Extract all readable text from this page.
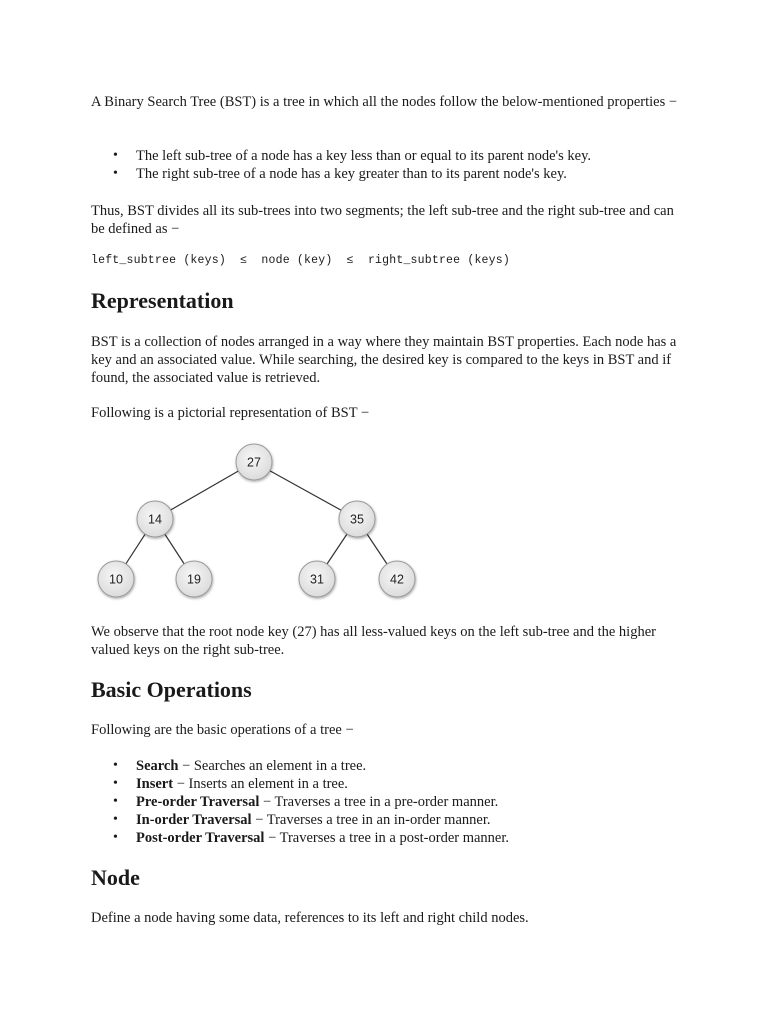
A Binary Search Tree (BST) is a tree in which all the nodes follow the below-mentioned properties −

• The left sub-tree of a node has a key less than or equal to its parent node's key.
• The right sub-tree of a node has a key greater than to its parent node's key.

Thus, BST divides all its sub-trees into two segments; the left sub-tree and the right sub-tree and can be defined as −

left_subtree (keys)  ≤  node (key)  ≤  right_subtree (keys)
Representation

BST is a collection of nodes arranged in a way where they maintain BST properties. Each node has a key and an associated value. While searching, the desired key is compared to the keys in BST and if found, the associated value is retrieved.

Following is a pictorial representation of BST −

27
14	35
10	19	31	42

We observe that the root node key (27) has all less-valued keys on the left sub-tree and the higher valued keys on the right sub-tree.

Basic Operations

Following are the basic operations of a tree −

• Search − Searches an element in a tree.
• Insert − Inserts an element in a tree.
• Pre-order Traversal − Traverses a tree in a pre-order manner.
• In-order Traversal − Traverses a tree in an in-order manner.
• Post-order Traversal − Traverses a tree in a post-order manner.
Node

Define a node having some data, references to its left and right child nodes.
